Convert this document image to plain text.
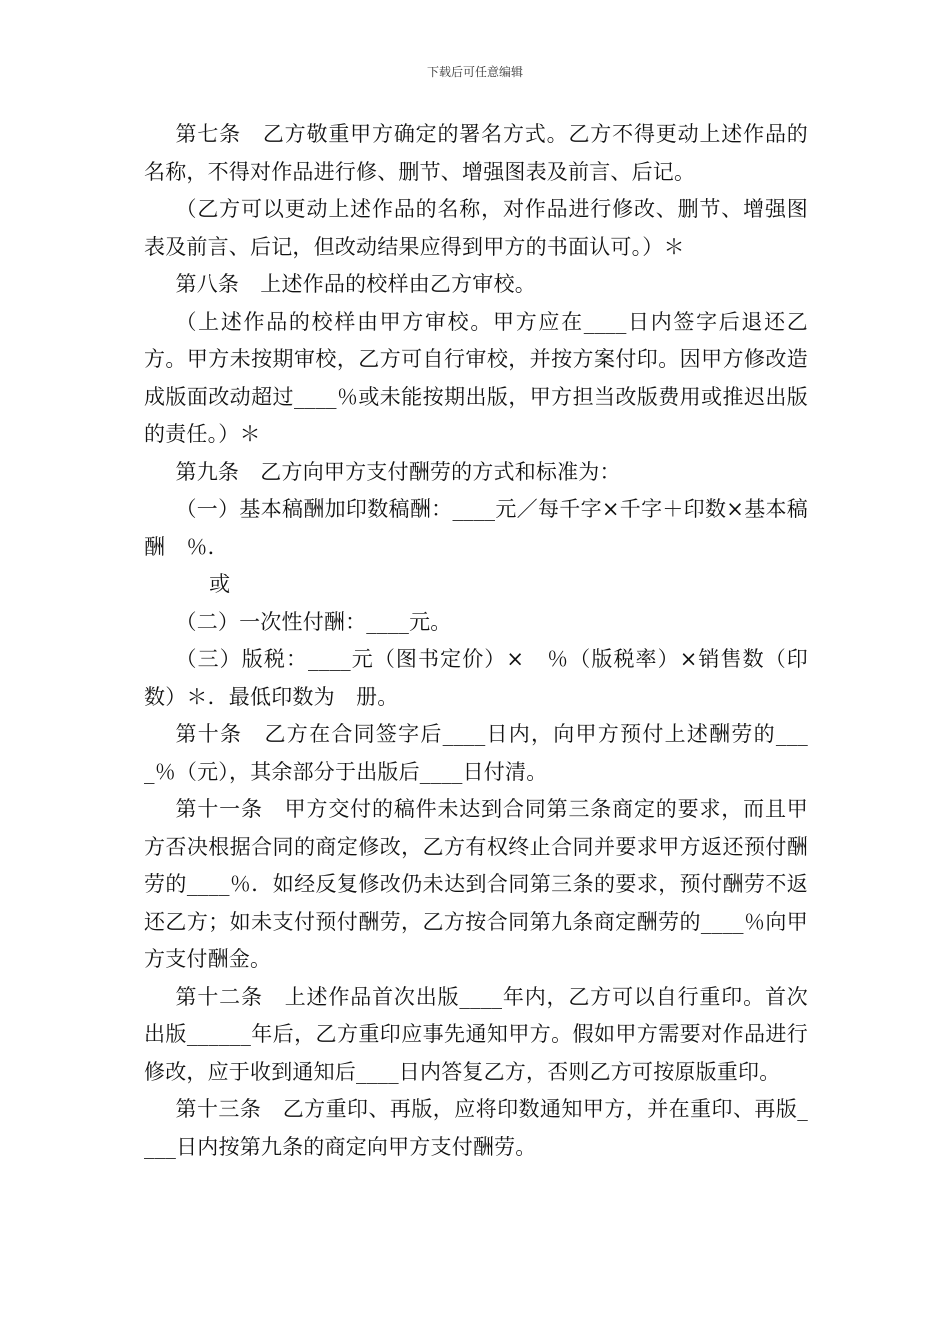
下载后可任意编辑

第七条　乙方敬重甲方确定的署名方式。乙方不得更动上述作品的名称，不得对作品进行修、删节、增强图表及前言、后记。

（乙方可以更动上述作品的名称，对作品进行修改、删节、增强图表及前言、后记，但改动结果应得到甲方的书面认可。）＊

第八条　上述作品的校样由乙方审校。

（上述作品的校样由甲方审校。甲方应在____日内签字后退还乙方。甲方未按期审校，乙方可自行审校，并按方案付印。因甲方修改造成版面改动超过____％或未能按期出版，甲方担当改版费用或推迟出版的责任。）＊

第九条　乙方向甲方支付酬劳的方式和标准为：

（一）基本稿酬加印数稿酬：____元／每千字×千字＋印数×基本稿酬　％．

或

（二）一次性付酬：____元。

（三）版税：____元（图书定价）×　％（版税率）×销售数（印数）＊．最低印数为　册。

第十条　乙方在合同签字后____日内，向甲方预付上述酬劳的____％（元），其余部分于出版后____日付清。

第十一条　甲方交付的稿件未达到合同第三条商定的要求，而且甲方否决根据合同的商定修改，乙方有权终止合同并要求甲方返还预付酬劳的____％．如经反复修改仍未达到合同第三条的要求，预付酬劳不返还乙方；如未支付预付酬劳，乙方按合同第九条商定酬劳的____％向甲方支付酬金。

第十二条　上述作品首次出版____年内，乙方可以自行重印。首次出版______年后，乙方重印应事先通知甲方。假如甲方需要对作品进行修改，应于收到通知后____日内答复乙方，否则乙方可按原版重印。

第十三条　乙方重印、再版，应将印数通知甲方，并在重印、再版____日内按第九条的商定向甲方支付酬劳。
